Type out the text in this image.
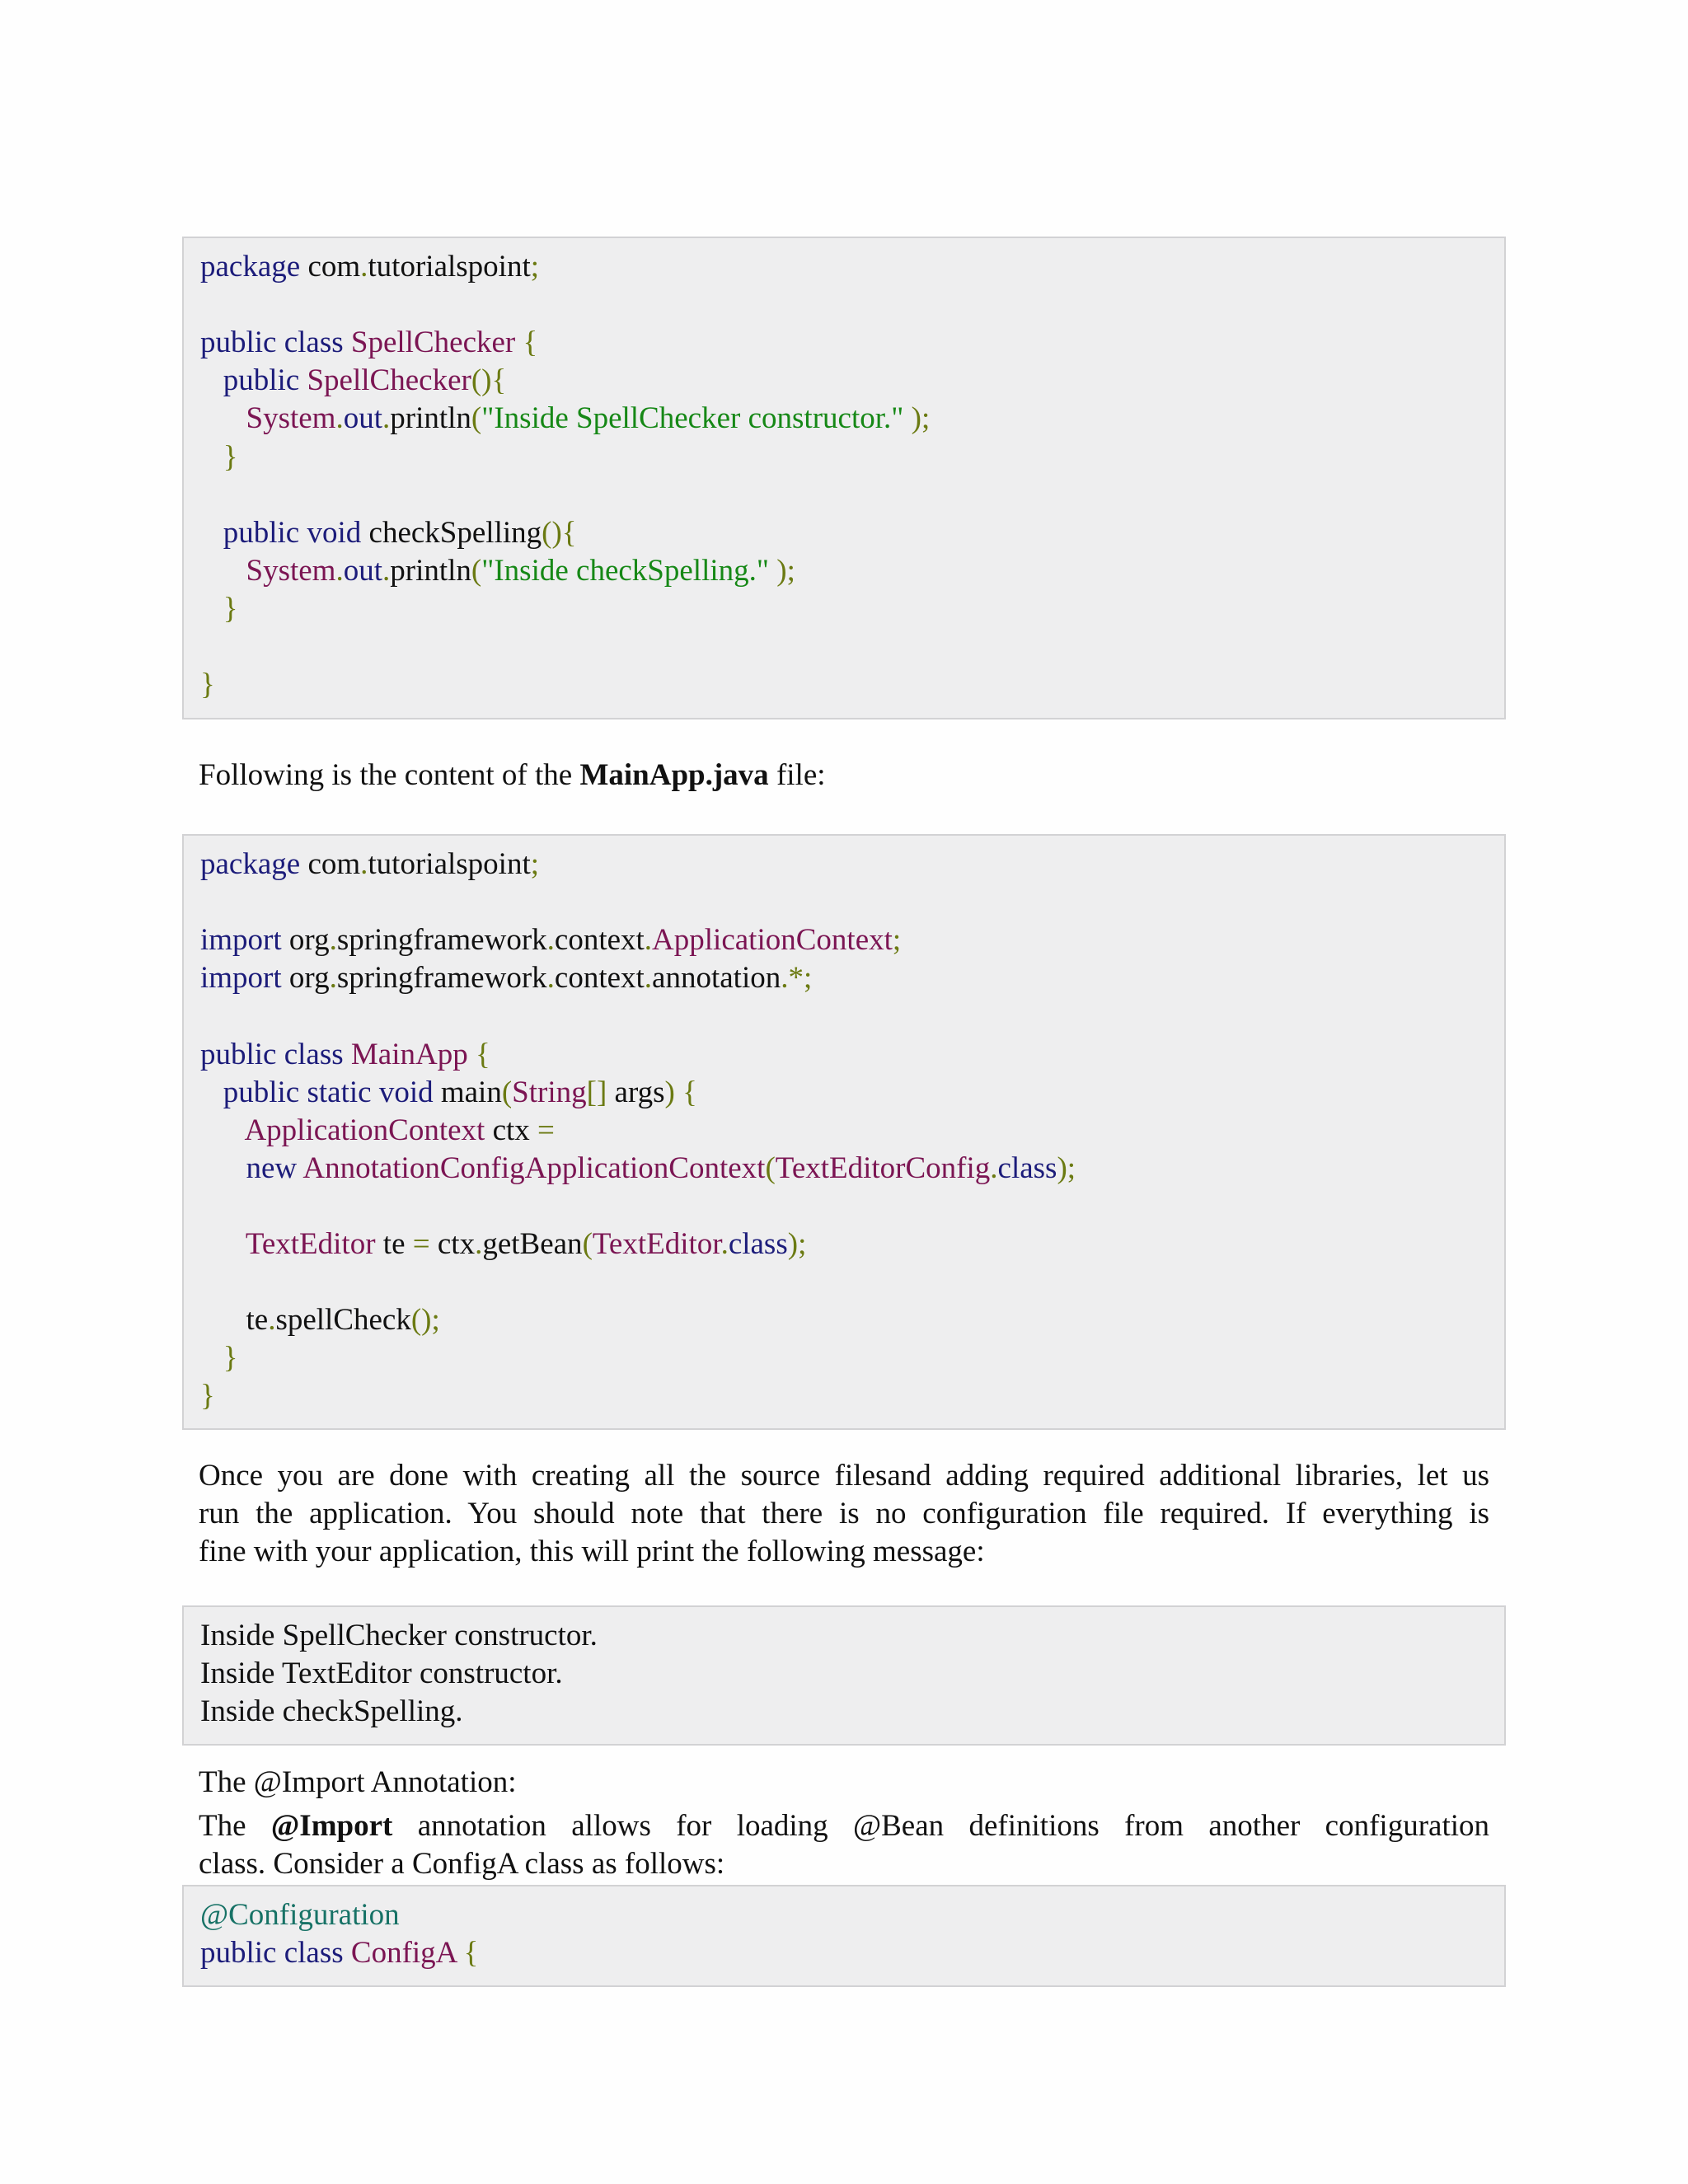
package com.tutorialspoint;
public class SpellChecker {
public SpellChecker(){
System.out.println("Inside SpellChecker constructor." );
}
public void checkSpelling(){
System.out.println("Inside checkSpelling." );
}
}
Following is the content of the MainApp.java file:
package com.tutorialspoint;
import org.springframework.context.ApplicationContext;
import org.springframework.context.annotation.*;
public class MainApp {
public static void main(String[] args) {
ApplicationContext ctx =
new AnnotationConfigApplicationContext(TextEditorConfig.class);
TextEditor te = ctx.getBean(TextEditor.class);
te.spellCheck();
}
}
Once you are done with creating all the source filesand adding required additional libraries, let us
run the application. You should note that there is no configuration file required. If everything is
fine with your application, this will print the following message:
Inside SpellChecker constructor.
Inside TextEditor constructor.
Inside checkSpelling.
The @Import Annotation:
The @Import annotation allows for loading @Bean definitions from another configuration
class. Consider a ConfigA class as follows:
@Configuration
public class ConfigA {
